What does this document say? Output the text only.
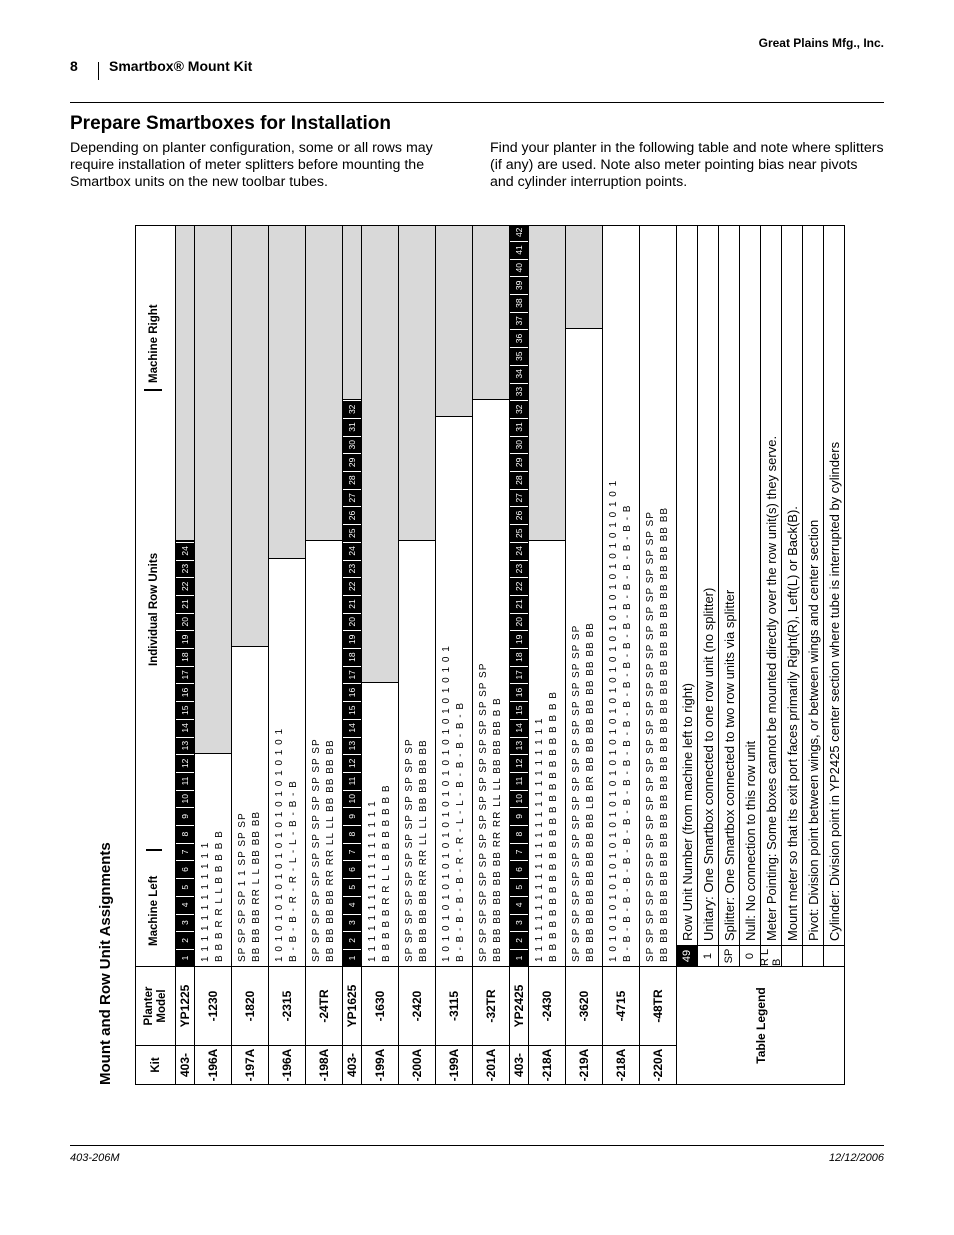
Great Plains Mfg., Inc.
8 Smartbox® Mount Kit
Prepare Smartboxes for Installation
Depending on planter configuration, some or all rows may require installation of meter splitters before mounting the Smartbox units on the new toolbar tubes.
Find your planter in the following table and note where splitters (if any) are used. Note also meter pointing bias near pivots and cylinder interruption points.
Mount and Row Unit Assignments	Kit
Planter Model
Machine Left
Individual Row Units
Machine Right
403-
YP1225
1
2
3
4
5
6
7
8
9
10
11
12
13
14
15
16
17
18
19
20
21
22
23
24
-196A
-1230
1 1 1 1 1 1 1 1 1 1 1 1 B B B R R L L B B B B B
-197A
-1820
SP SP SP SP 1 1 SP SP SP BB BB BB RR L L BB BB BB
-196A
-2315
1 0 1 0 1 0 1 0 1 0 1 0 1 0 1 0 1 0 1 0 1 0 1 B - B - B - R - R - L - L - B - B - B
-198A
-24TR
SP SP SP SP SP SP SP SP SP SP SP SP BB BB BB BB RR RR LL LL BB BB BB BB
403-
YP1625
1
2
3
4
5
6
7
8
9
10
11
12
13
14
15
16
17
18
19
20
21
22
23
24
25
26
27
28
29
30
31
32
-199A
-1630
1 1 1 1 1 1 1 1 1 1 1 1 1 1 1 1 B B B B B R R L L B B B B B B B
-200A
-2420
SP SP SP SP SP SP SP SP SP SP SP SP BB BB BB BB RR RR LL LL BB BB BB BB
-199A
-3115
1 0 1 0 1 0 1 0 1 0 1 0 1 0 1 0 1 0 1 0 1 0 1 0 1 0 1 0 1 0 1 B - B - B - B - B - R - R - L - L - B - B - B - B - B
-201A
-32TR
SP SP SP SP SP SP SP SP SP SP SP SP SP SP SP SP BB BB BB BB BB BB RR RR LL LL BB BB BB B B
403-
YP2425
1
2
3
4
5
6
7
8
9
10
11
12
13
14
15
16
17
18
19
20
21
22
23
24
25
26
27
28
29
30
31
32
33
34
35
36
37
38
39
40
41
42
-218A
-2430
1 1 1 1 1 1 1 1 1 1 1 1 1 1 1 1 1 1 1 1 1 1 1 1 B B B B B B B B B B B B B B B B B B B B B B B B
-219A
-3620
SP SP SP SP SP SP SP SP SP SP SP SP SP SP SP SP SP SP BB BB BB BB BB BB BB BB LB BR BB BB BB BB BB BB BB BB
-218A
-4715
1 0 1 0 1 0 1 0 1 0 1 0 1 0 1 0 1 0 1 0 1 0 1 0 1 0 1 0 1 0 1 0 1 0 1 0 1 0 1 0 1 0 1 0 1 0 1 B - B - B - B - B - B - B - B - B - B - B - B - B - B - B - B - B - B - B - B - B - B - B - B
-220A
-48TR
SP SP SP SP SP SP SP SP SP SP SP SP SP SP SP SP SP SP SP SP SP SP SP SP BB BB BB BB BB BB BB BB BB BB BB BB BB BB BB BB BB BB BB BB BB BB BB BB
Table Legend
49
Row Unit Number (from machine left to right)
1
Unitary: One Smartbox connected to one row unit (no splitter)
SP
Splitter: One Smartbox connected to two row units via splitter
0
Null: No connection to this row unit
R L B
Meter Pointing: Some boxes cannot be mounted directly over the row unit(s) they serve. Mount meter so that its exit port faces primarily Right(R), Left(L) or Back(B). Pivot: Division point between wings, or between wings and center section Cylinder: Division point in YP2425 center section where tube is interrupted by cylinders
403-206M	12/12/2006
